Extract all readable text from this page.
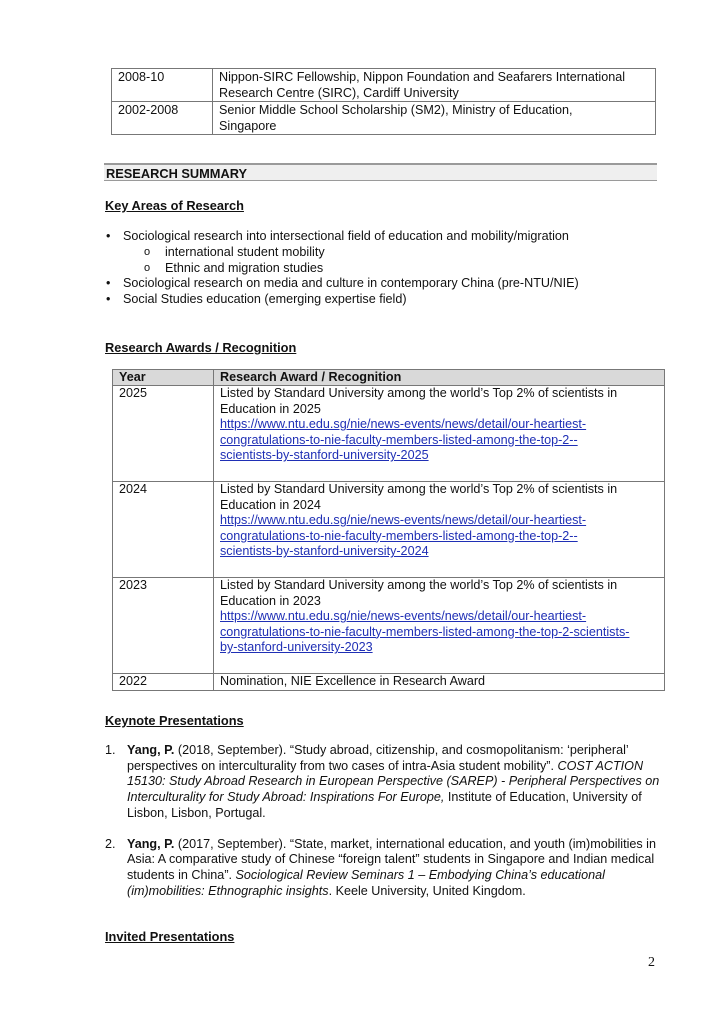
2008-10	Nippon-SIRC Fellowship, Nippon Foundation and Seafarers International
Research Centre (SIRC), Cardiff University

2002-2008	Senior Middle School Scholarship (SM2), Ministry of Education,
Singapore
RESEARCH SUMMARY
Key Areas of Research
• Sociological research into intersectional field of education and mobility/migration
o international student mobility
o Ethnic and migration studies
• Sociological research on media and culture in contemporary China (pre-NTU/NIE)
• Social Studies education (emerging expertise field)
Research Awards / Recognition
Year	Research Award / Recognition
2025	Listed by Standard University among the world’s Top 2% of scientists in
Education in 2025
https://www.ntu.edu.sg/nie/news-events/news/detail/our-heartiest-
congratulations-to-nie-faculty-members-listed-among-the-top-2--
scientists-by-stanford-university-2025

2024	Listed by Standard University among the world’s Top 2% of scientists in
Education in 2024
https://www.ntu.edu.sg/nie/news-events/news/detail/our-heartiest-
congratulations-to-nie-faculty-members-listed-among-the-top-2--
scientists-by-stanford-university-2024

2023	Listed by Standard University among the world’s Top 2% of scientists in
Education in 2023
https://www.ntu.edu.sg/nie/news-events/news/detail/our-heartiest-
congratulations-to-nie-faculty-members-listed-among-the-top-2-scientists-
by-stanford-university-2023

2022	Nomination, NIE Excellence in Research Award
Keynote Presentations
1. Yang, P. (2018, September). “Study abroad, citizenship, and cosmopolitanism: ‘peripheral’ perspectives on interculturality from two cases of intra-Asia student mobility”. COST ACTION 15130: Study Abroad Research in European Perspective (SAREP) - Peripheral Perspectives on Interculturality for Study Abroad: Inspirations For Europe, Institute of Education, University of Lisbon, Lisbon, Portugal.
2. Yang, P. (2017, September). “State, market, international education, and youth (im)mobilities in Asia: A comparative study of Chinese “foreign talent” students in Singapore and Indian medical students in China”. Sociological Review Seminars 1 – Embodying China’s educational (im)mobilities: Ethnographic insights. Keele University, United Kingdom.
Invited Presentations
2
